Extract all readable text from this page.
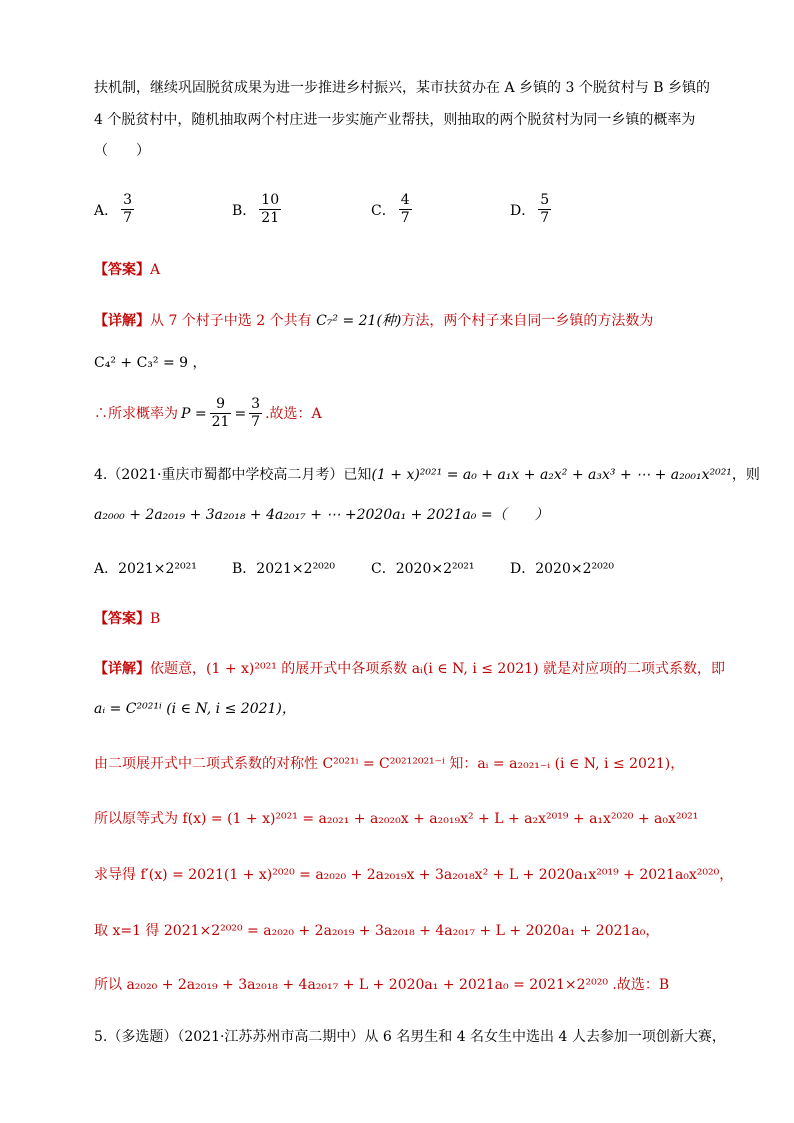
扶机制，继续巩固脱贫成果为进一步推进乡村振兴，某市扶贫办在 A 乡镇的 3 个脱贫村与 B 乡镇的
4 个脱贫村中，随机抽取两个村庄进一步实施产业帮扶，则抽取的两个脱贫村为同一乡镇的概率为
（　　）
A． $\frac{3}{7}$	B． $\frac{10}{21}$	C． $\frac{4}{7}$	D． $\frac{5}{7}$
【答案】A
【详解】从 7 个村子中选 2 个共有 C₇² = 21(种)方法，两个村子来自同一乡镇的方法数为
C₄² + C₃² = 9 ，
∴所求概率为 $P = \frac{9}{21} = \frac{3}{7}$ .故选：A
4.（2021·重庆市蜀都中学校高二月考）已知(1 + x)²⁰²¹ = a₀ + a₁x + a₂x² + a₃x³ + ⋯ + a₂₀₀₁x²⁰²¹，则
a₂₀₀₀ + 2a₂₀₁₉ + 3a₂₀₁₈ + 4a₂₀₁₇ + ⋯ +2020a₁ + 2021a₀ =（　　）
A．2021×2²⁰²¹	B．2021×2²⁰²⁰	C．2020×2²⁰²¹	D．2020×2²⁰²⁰
【答案】B
【详解】依题意，(1 + x)²⁰²¹ 的展开式中各项系数 aᵢ(i ∈ N, i ≤ 2021) 就是对应项的二项式系数，即
aᵢ = C²⁰²¹ⁱ (i ∈ N, i ≤ 2021)，
由二项展开式中二项式系数的对称性 C²⁰²¹ⁱ = C²⁰²¹²⁰²¹⁻ⁱ 知：aᵢ = a₂₀₂₁₋ᵢ (i ∈ N, i ≤ 2021)，
所以原等式为 f(x) = (1 + x)²⁰²¹ = a₂₀₂₁ + a₂₀₂₀x + a₂₀₁₉x² + L + a₂x²⁰¹⁹ + a₁x²⁰²⁰ + a₀x²⁰²¹
求导得 f′(x) = 2021(1 + x)²⁰²⁰ = a₂₀₂₀ + 2a₂₀₁₉x + 3a₂₀₁₈x² + L + 2020a₁x²⁰¹⁹ + 2021a₀x²⁰²⁰，
取 x=1 得 2021×2²⁰²⁰ = a₂₀₂₀ + 2a₂₀₁₉ + 3a₂₀₁₈ + 4a₂₀₁₇ + L + 2020a₁ + 2021a₀，
所以 a₂₀₂₀ + 2a₂₀₁₉ + 3a₂₀₁₈ + 4a₂₀₁₇ + L + 2020a₁ + 2021a₀ = 2021×2²⁰²⁰ .故选：B
5.（多选题）（2021·江苏苏州市高二期中）从 6 名男生和 4 名女生中选出 4 人去参加一项创新大赛，
